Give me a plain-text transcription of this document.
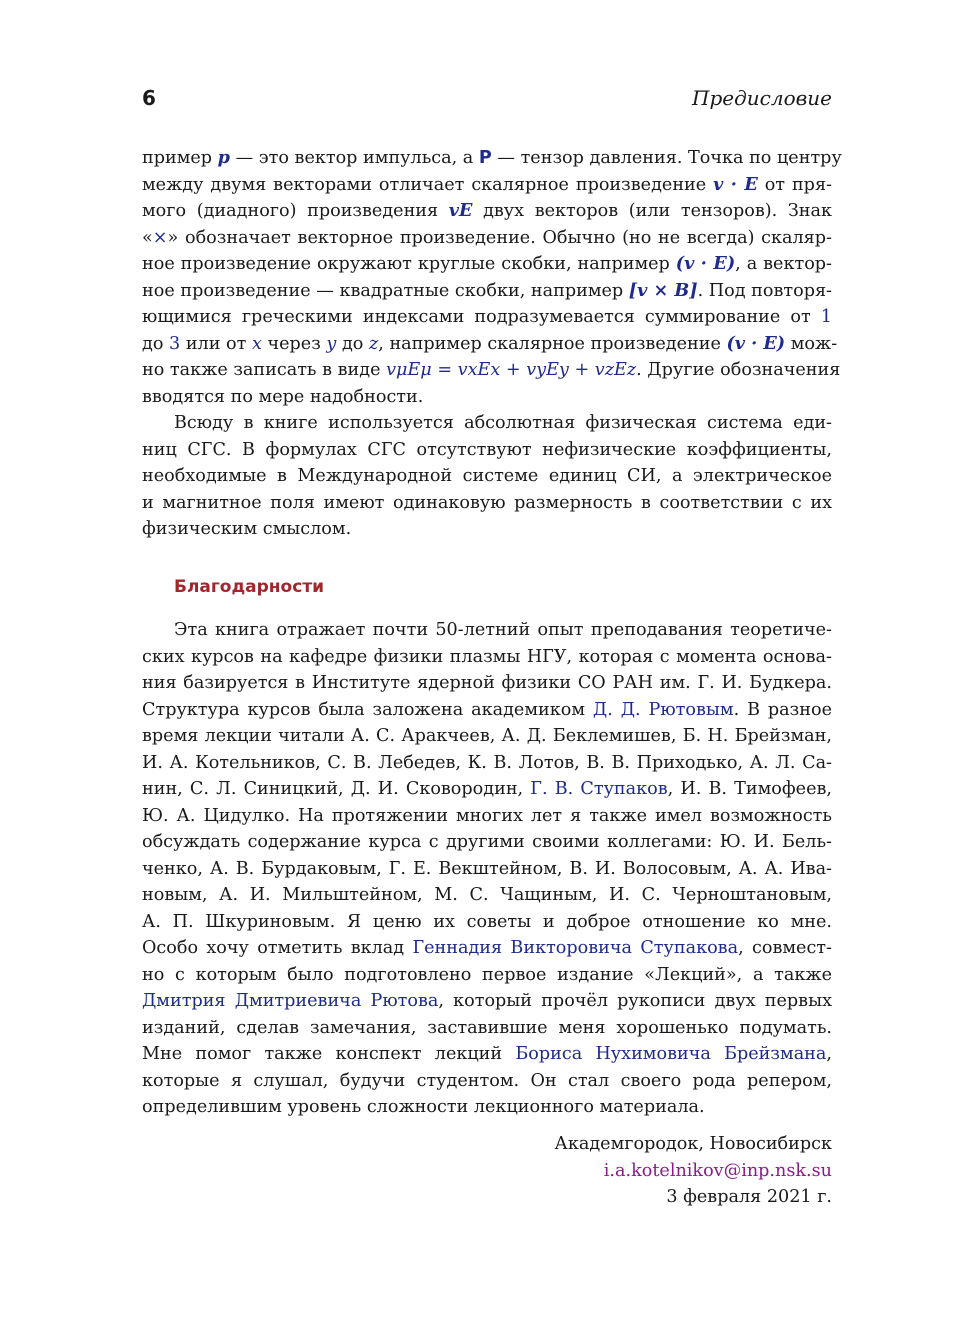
6	Предисловие
пример p — это вектор импульса, а P — тензор давления. Точка по центру
между двумя векторами отличает скалярное произведение v · E от пря-
мого (диадного) произведения vE двух векторов (или тензоров). Знак
«×» обозначает векторное произведение. Обычно (но не всегда) скаляр-
ное произведение окружают круглые скобки, например (v · E), а вектор-
ное произведение — квадратные скобки, например [v × B]. Под повторя-
ющимися греческими индексами подразумевается суммирование от 1
до 3 или от x через y до z, например скалярное произведение (v · E) мож-
но также записать в виде vμEμ = vxEx + vyEy + vzEz. Другие обозначения
вводятся по мере надобности.
Всюду в книге используется абсолютная физическая система еди-
ниц СГС. В формулах СГС отсутствуют нефизические коэффициенты,
необходимые в Международной системе единиц СИ, а электрическое
и магнитное поля имеют одинаковую размерность в соответствии с их
физическим смыслом.
Благодарности
Эта книга отражает почти 50-летний опыт преподавания теоретиче-
ских курсов на кафедре физики плазмы НГУ, которая с момента основа-
ния базируется в Институте ядерной физики СО РАН им. Г. И. Будкера.
Структура курсов была заложена академиком Д. Д. Рютовым. В разное
время лекции читали А. С. Аракчеев, А. Д. Беклемишев, Б. Н. Брейзман,
И. А. Котельников, С. В. Лебедев, К. В. Лотов, В. В. Приходько, А. Л. Са-
нин, С. Л. Синицкий, Д. И. Сковородин, Г. В. Ступаков, И. В. Тимофеев,
Ю. А. Цидулко. На протяжении многих лет я также имел возможность
обсуждать содержание курса с другими своими коллегами: Ю. И. Бель-
ченко, А. В. Бурдаковым, Г. Е. Векштейном, В. И. Волосовым, А. А. Ива-
новым, А. И. Мильштейном, М. С. Чащиным, И. С. Черноштановым,
А. П. Шкуриновым. Я ценю их советы и доброе отношение ко мне.
Особо хочу отметить вклад Геннадия Викторовича Ступакова, совмест-
но с которым было подготовлено первое издание «Лекций», а также
Дмитрия Дмитриевича Рютова, который прочёл рукописи двух первых
изданий, сделав замечания, заставившие меня хорошенько подумать.
Мне помог также конспект лекций Бориса Нухимовича Брейзмана,
которые я слушал, будучи студентом. Он стал своего рода репером,
определившим уровень сложности лекционного материала.
Академгородок, Новосибирск
i.a.kotelnikov@inp.nsk.su
3 февраля 2021 г.
